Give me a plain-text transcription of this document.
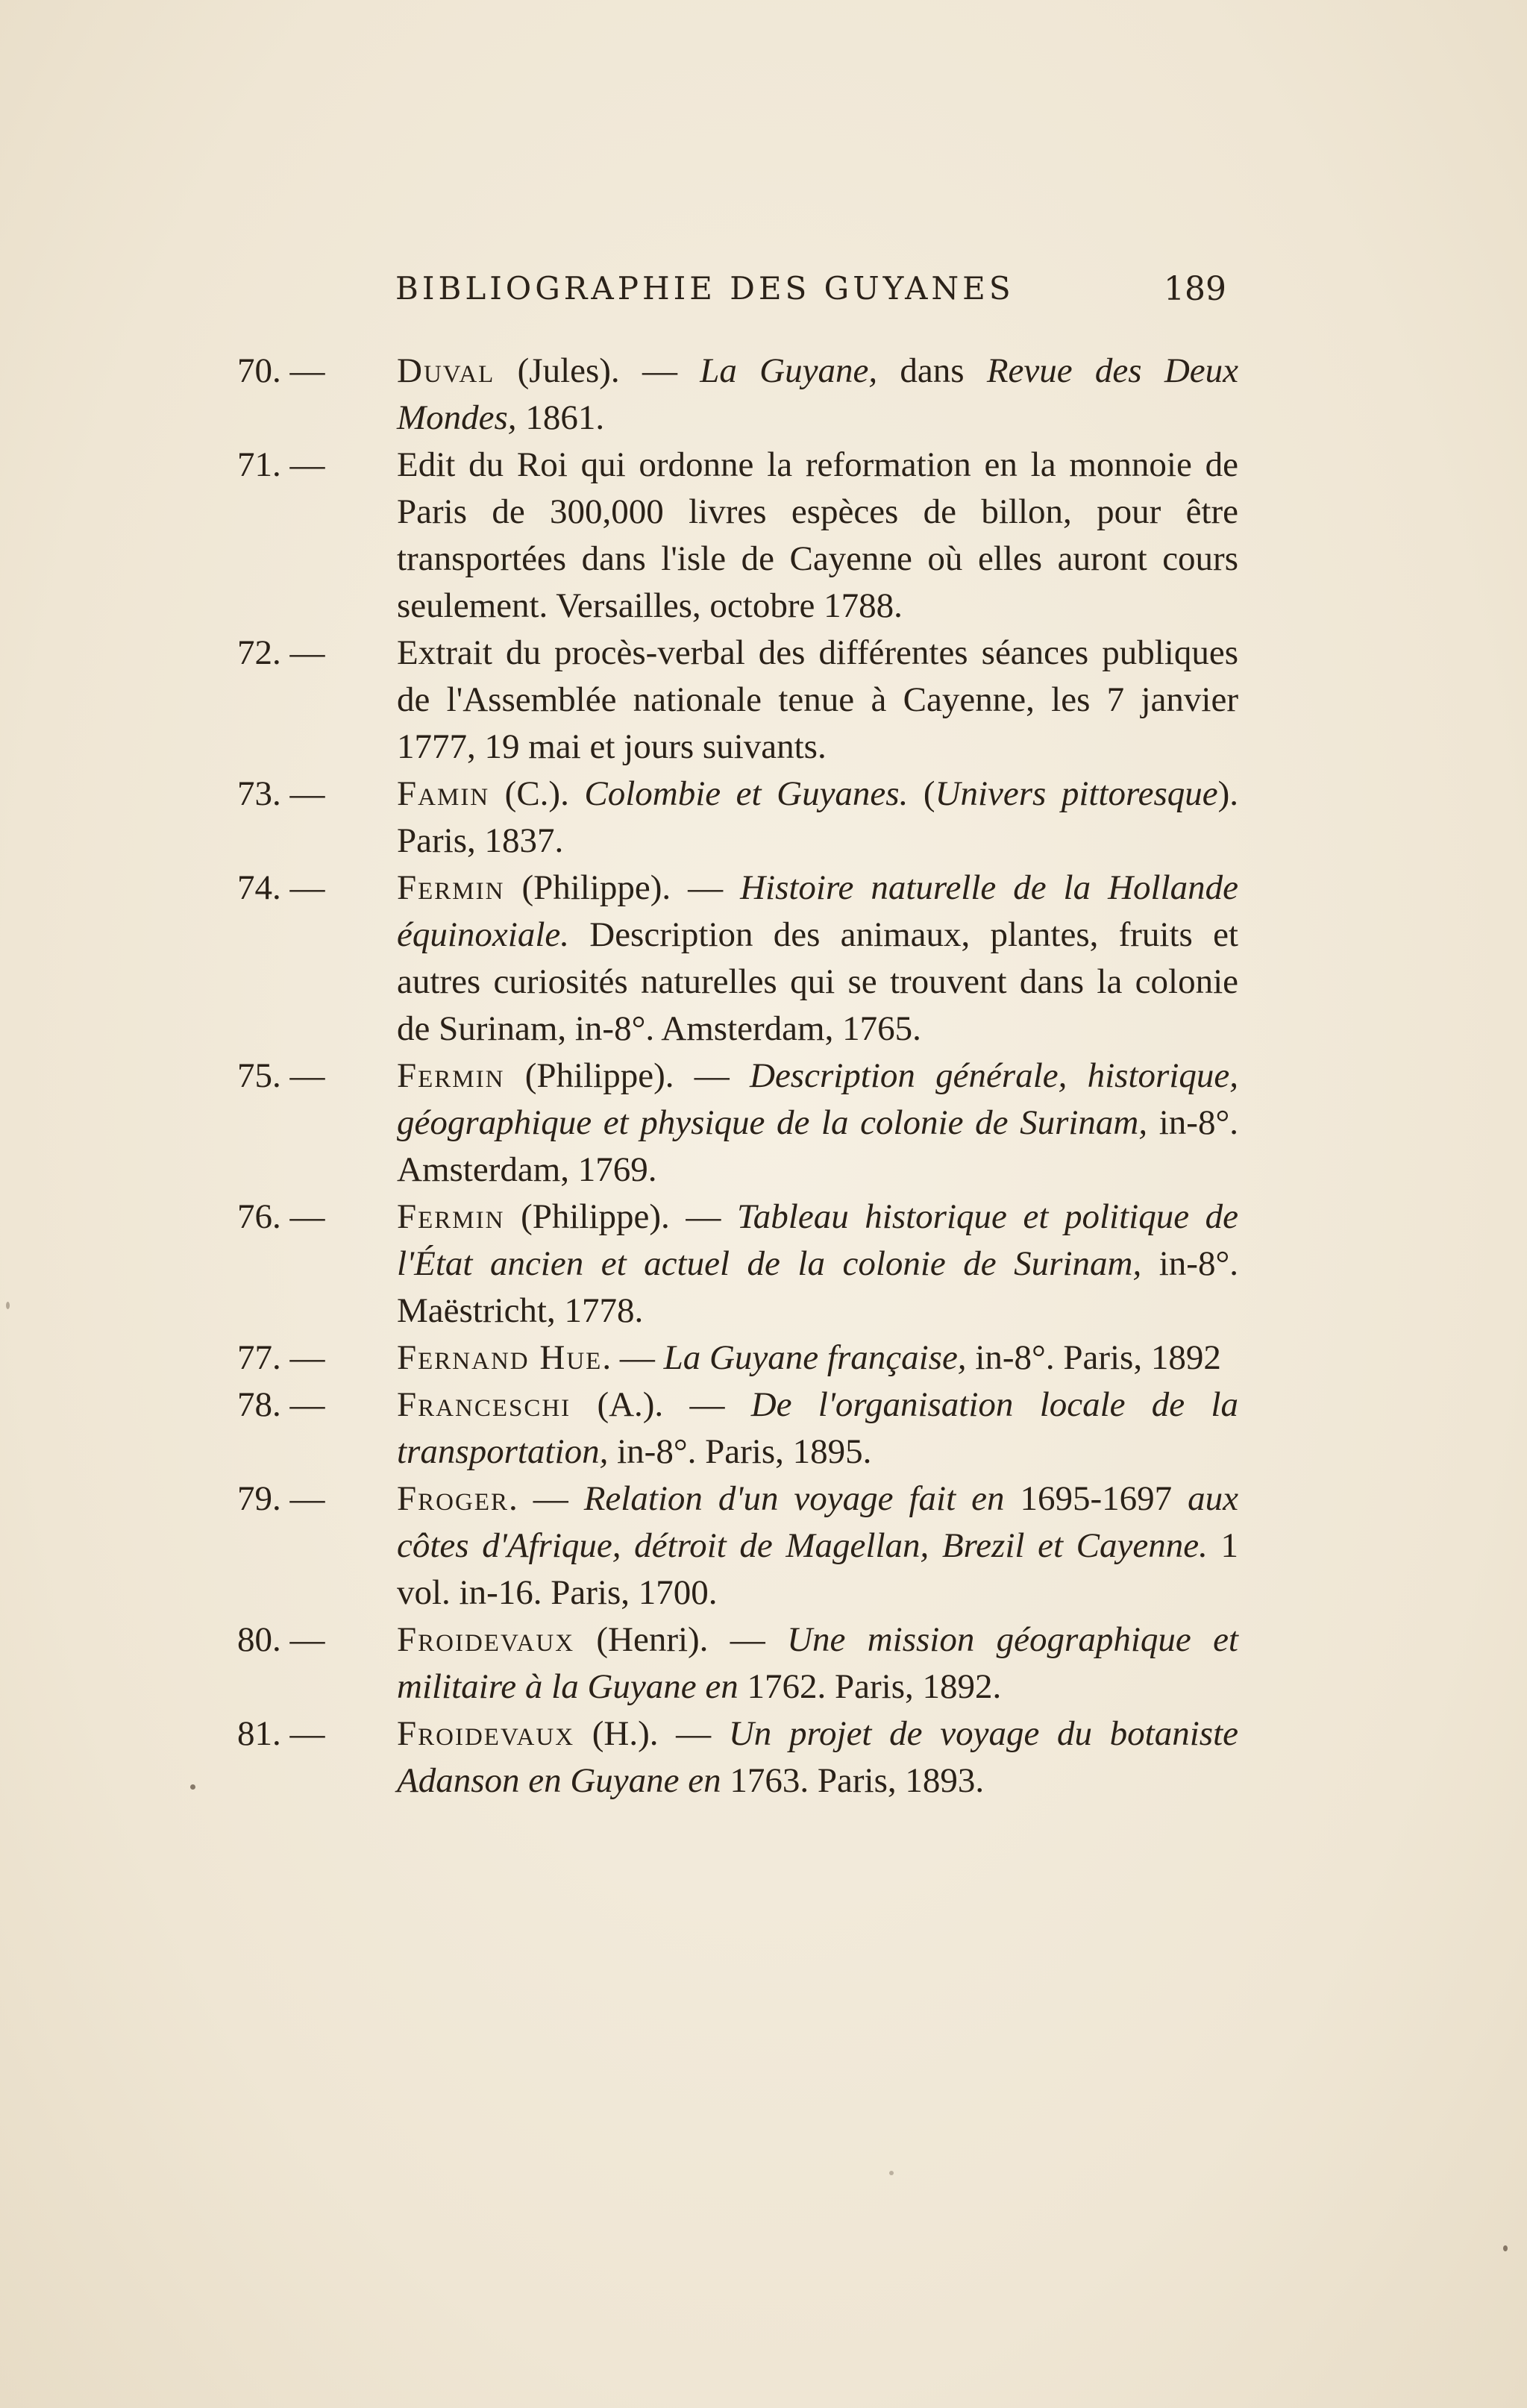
BIBLIOGRAPHIE DES GUYANES	189
70. —	Duval (Jules). — La Guyane, dans Revue des Deux Mondes, 1861.
71. —	Edit du Roi qui ordonne la reformation en la monnoie de Paris de 300,000 livres espèces de billon, pour être transportées dans l'isle de Cayenne où elles auront cours seulement. Versailles, octobre 1788.
72. —	Extrait du procès-verbal des différentes séances publiques de l'Assemblée nationale tenue à Cayenne, les 7 janvier 1777, 19 mai et jours suivants.
73. —	Famin (C.). Colombie et Guyanes. (Univers pittoresque). Paris, 1837.
74. —	Fermin (Philippe). — Histoire naturelle de la Hollande équinoxiale. Description des animaux, plantes, fruits et autres curiosités naturelles qui se trouvent dans la colonie de Surinam, in-8°. Amsterdam, 1765.
75. —	Fermin (Philippe). — Description générale, historique, géographique et physique de la colonie de Surinam, in-8°. Amsterdam, 1769.
76. —	Fermin (Philippe). — Tableau historique et politique de l'État ancien et actuel de la colonie de Surinam, in-8°. Maëstricht, 1778.
77. —	Fernand Hue. — La Guyane française, in-8°. Paris, 1892
78. —	Franceschi (A.). — De l'organisation locale de la transportation, in-8°. Paris, 1895.
79. —	Froger. — Relation d'un voyage fait en 1695-1697 aux côtes d'Afrique, détroit de Magellan, Brezil et Cayenne. 1 vol. in-16. Paris, 1700.
80. —	Froidevaux (Henri). — Une mission géographique et militaire à la Guyane en 1762. Paris, 1892.
81. —	Froidevaux (H.). — Un projet de voyage du botaniste Adanson en Guyane en 1763. Paris, 1893.
